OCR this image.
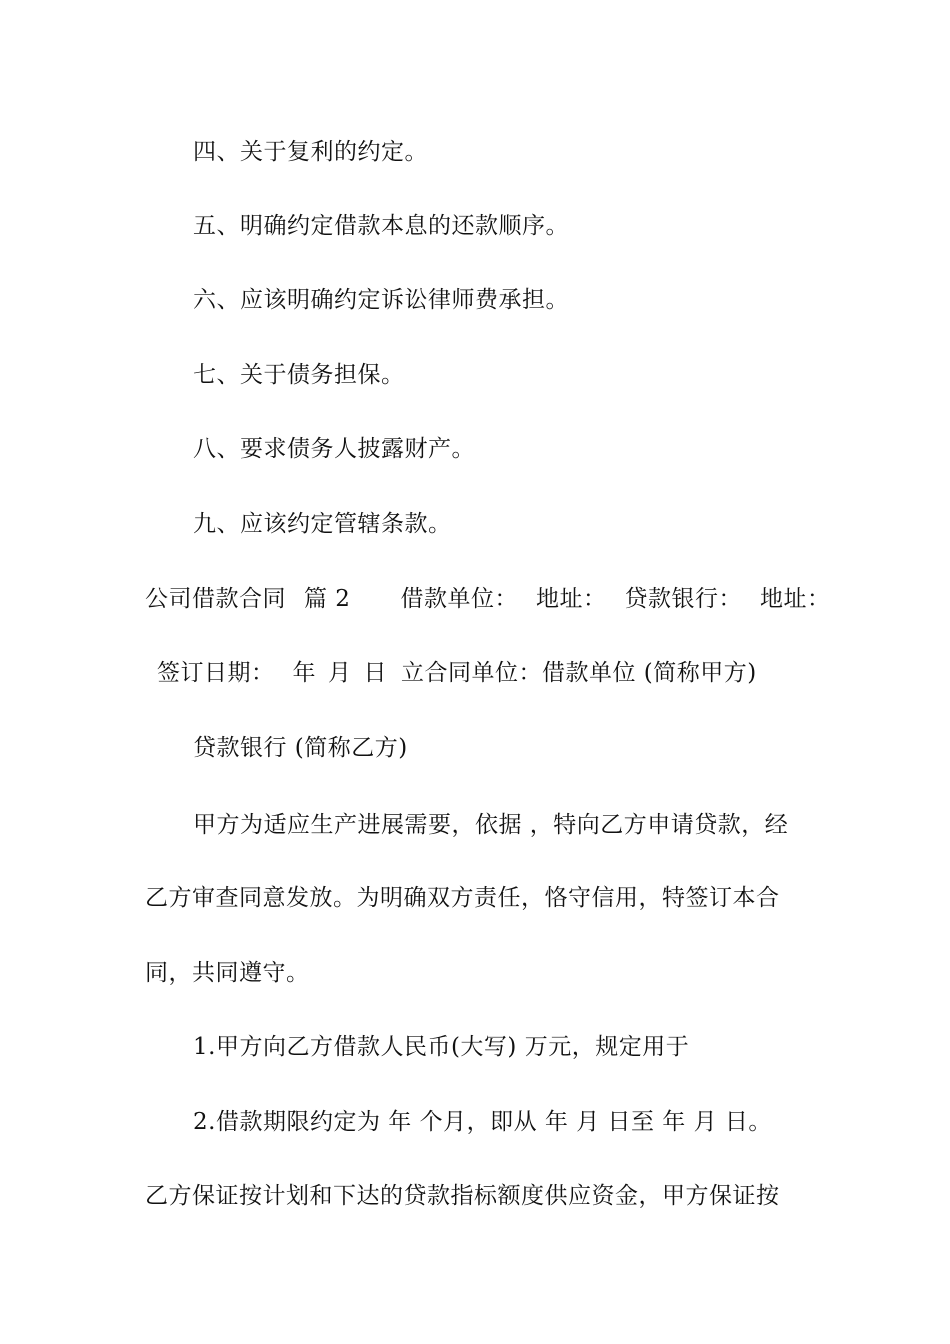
四、关于复利的约定。
五、明确约定借款本息的还款顺序。
六、应该明确约定诉讼律师费承担。
七、关于债务担保。
八、要求债务人披露财产。
九、应该约定管辖条款。
公司借款合同 篇 2 借款单位： 地址： 贷款银行： 地址：
签订日期： 年 月 日 立合同单位：借款单位 (简称甲方)
贷款银行 (简称乙方)
甲方为适应生产进展需要，依据 ，特向乙方申请贷款，经
乙方审查同意发放。为明确双方责任，恪守信用，特签订本合
同，共同遵守。
1.甲方向乙方借款人民币(大写) 万元，规定用于
2.借款期限约定为 年 个月，即从 年 月 日至 年 月 日。
乙方保证按计划和下达的贷款指标额度供应资金，甲方保证按
